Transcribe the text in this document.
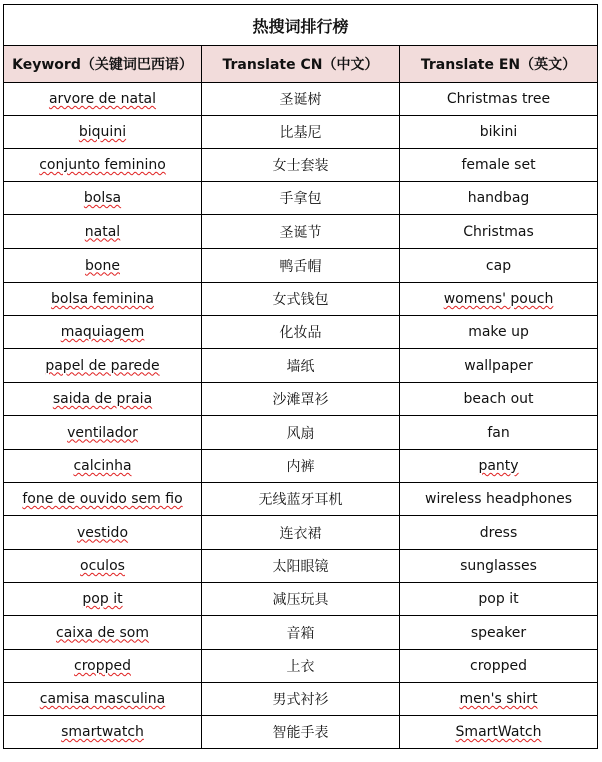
热搜词排行榜		
Keyword（关键词巴西语）	Translate CN（中文）	Translate EN（英文）
arvore de natal	圣诞树	Christmas tree
biquini	比基尼	bikini
conjunto feminino	女士套装	female set
bolsa	手拿包	handbag
natal	圣诞节	Christmas
bone	鸭舌帽	cap
bolsa feminina	女式钱包	womens' pouch
maquiagem	化妆品	make up
papel de parede	墙纸	wallpaper
saida de praia	沙滩罩衫	beach out
ventilador	风扇	fan
calcinha	内裤	panty
fone de ouvido sem fio	无线蓝牙耳机	wireless headphones
vestido	连衣裙	dress
oculos	太阳眼镜	sunglasses
pop it	减压玩具	pop it
caixa de som	音箱	speaker
cropped	上衣	cropped
camisa masculina	男式衬衫	men's shirt
smartwatch	智能手表	SmartWatch
